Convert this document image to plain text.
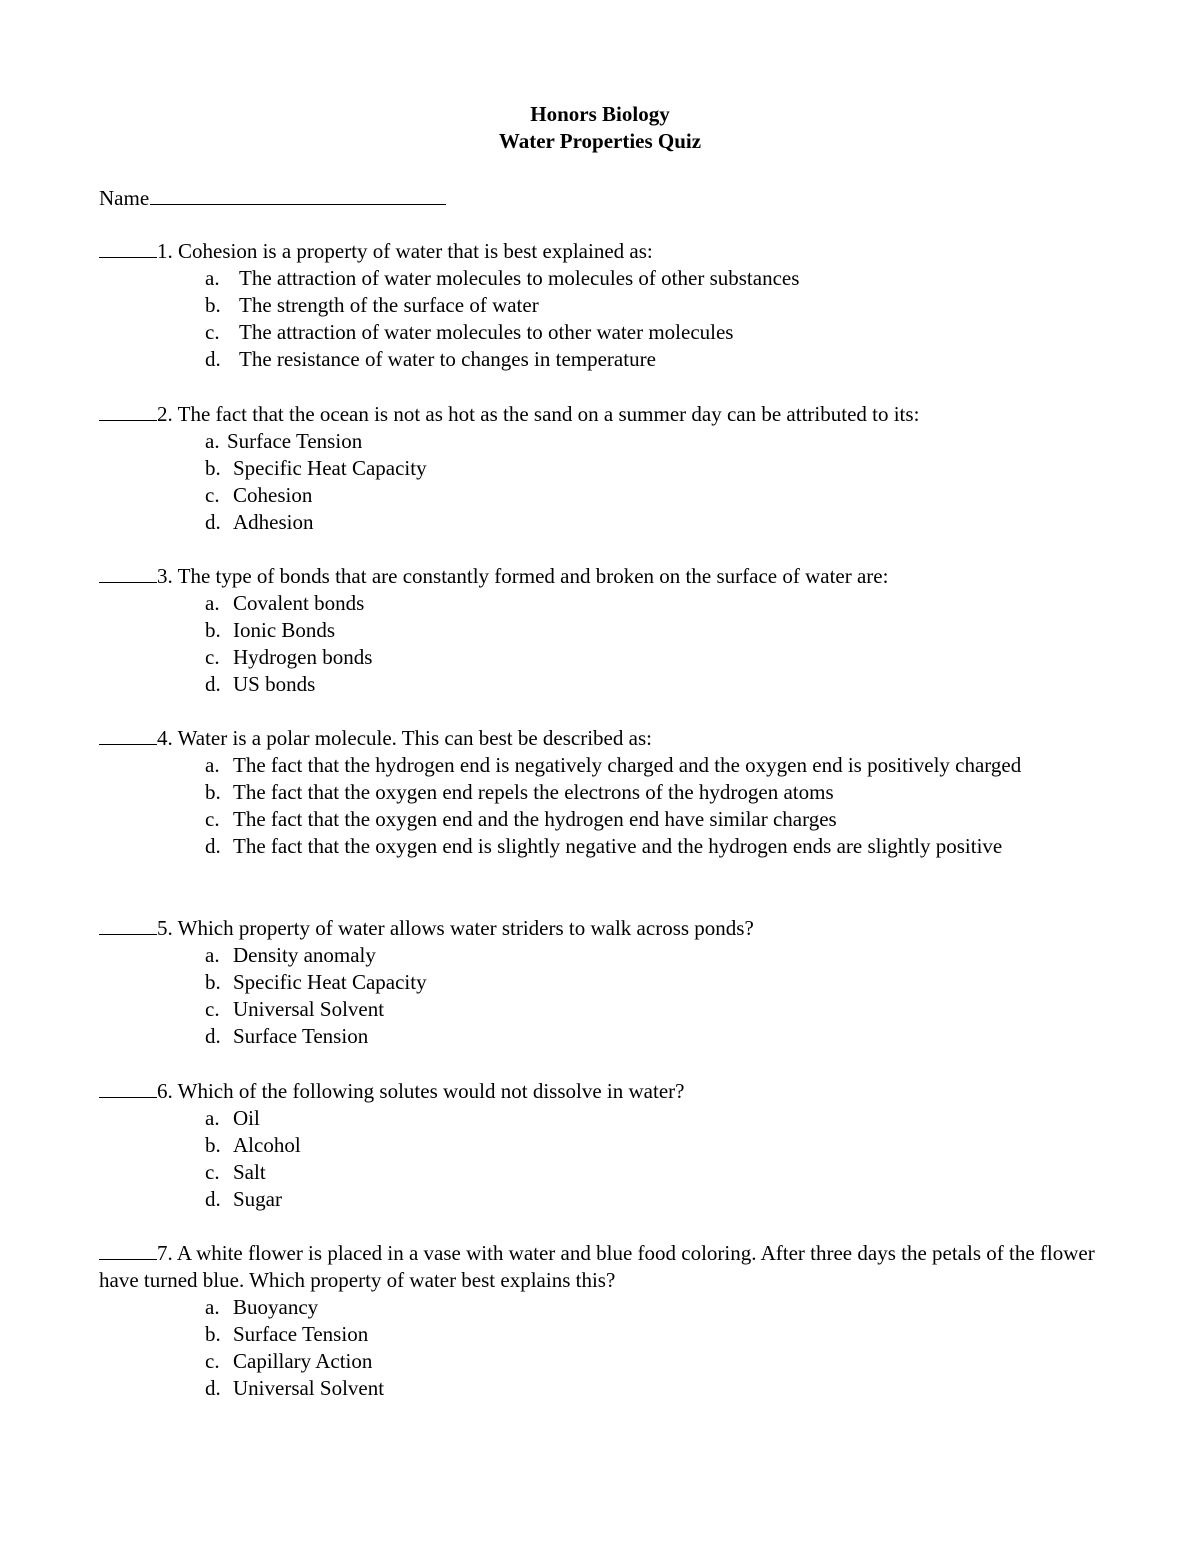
Honors Biology
Water Properties Quiz
Name
1. Cohesion is a property of water that is best explained as:
a. The attraction of water molecules to molecules of other substances
b. The strength of the surface of water
c. The attraction of water molecules to other water molecules
d. The resistance of water to changes in temperature
2. The fact that the ocean is not as hot as the sand on a summer day can be attributed to its:
a. Surface Tension
b. Specific Heat Capacity
c. Cohesion
d. Adhesion
3. The type of bonds that are constantly formed and broken on the surface of water are:
a. Covalent bonds
b. Ionic Bonds
c. Hydrogen bonds
d. US bonds
4. Water is a polar molecule. This can best be described as:
a. The fact that the hydrogen end is negatively charged and the oxygen end is positively charged
b. The fact that the oxygen end repels the electrons of the hydrogen atoms
c. The fact that the oxygen end and the hydrogen end have similar charges
d. The fact that the oxygen end is slightly negative and the hydrogen ends are slightly positive
5. Which property of water allows water striders to walk across ponds?
a. Density anomaly
b. Specific Heat Capacity
c. Universal Solvent
d. Surface Tension
6. Which of the following solutes would not dissolve in water?
a. Oil
b. Alcohol
c. Salt
d. Sugar
7. A white flower is placed in a vase with water and blue food coloring. After three days the petals of the flower have turned blue. Which property of water best explains this?
a. Buoyancy
b. Surface Tension
c. Capillary Action
d. Universal Solvent
